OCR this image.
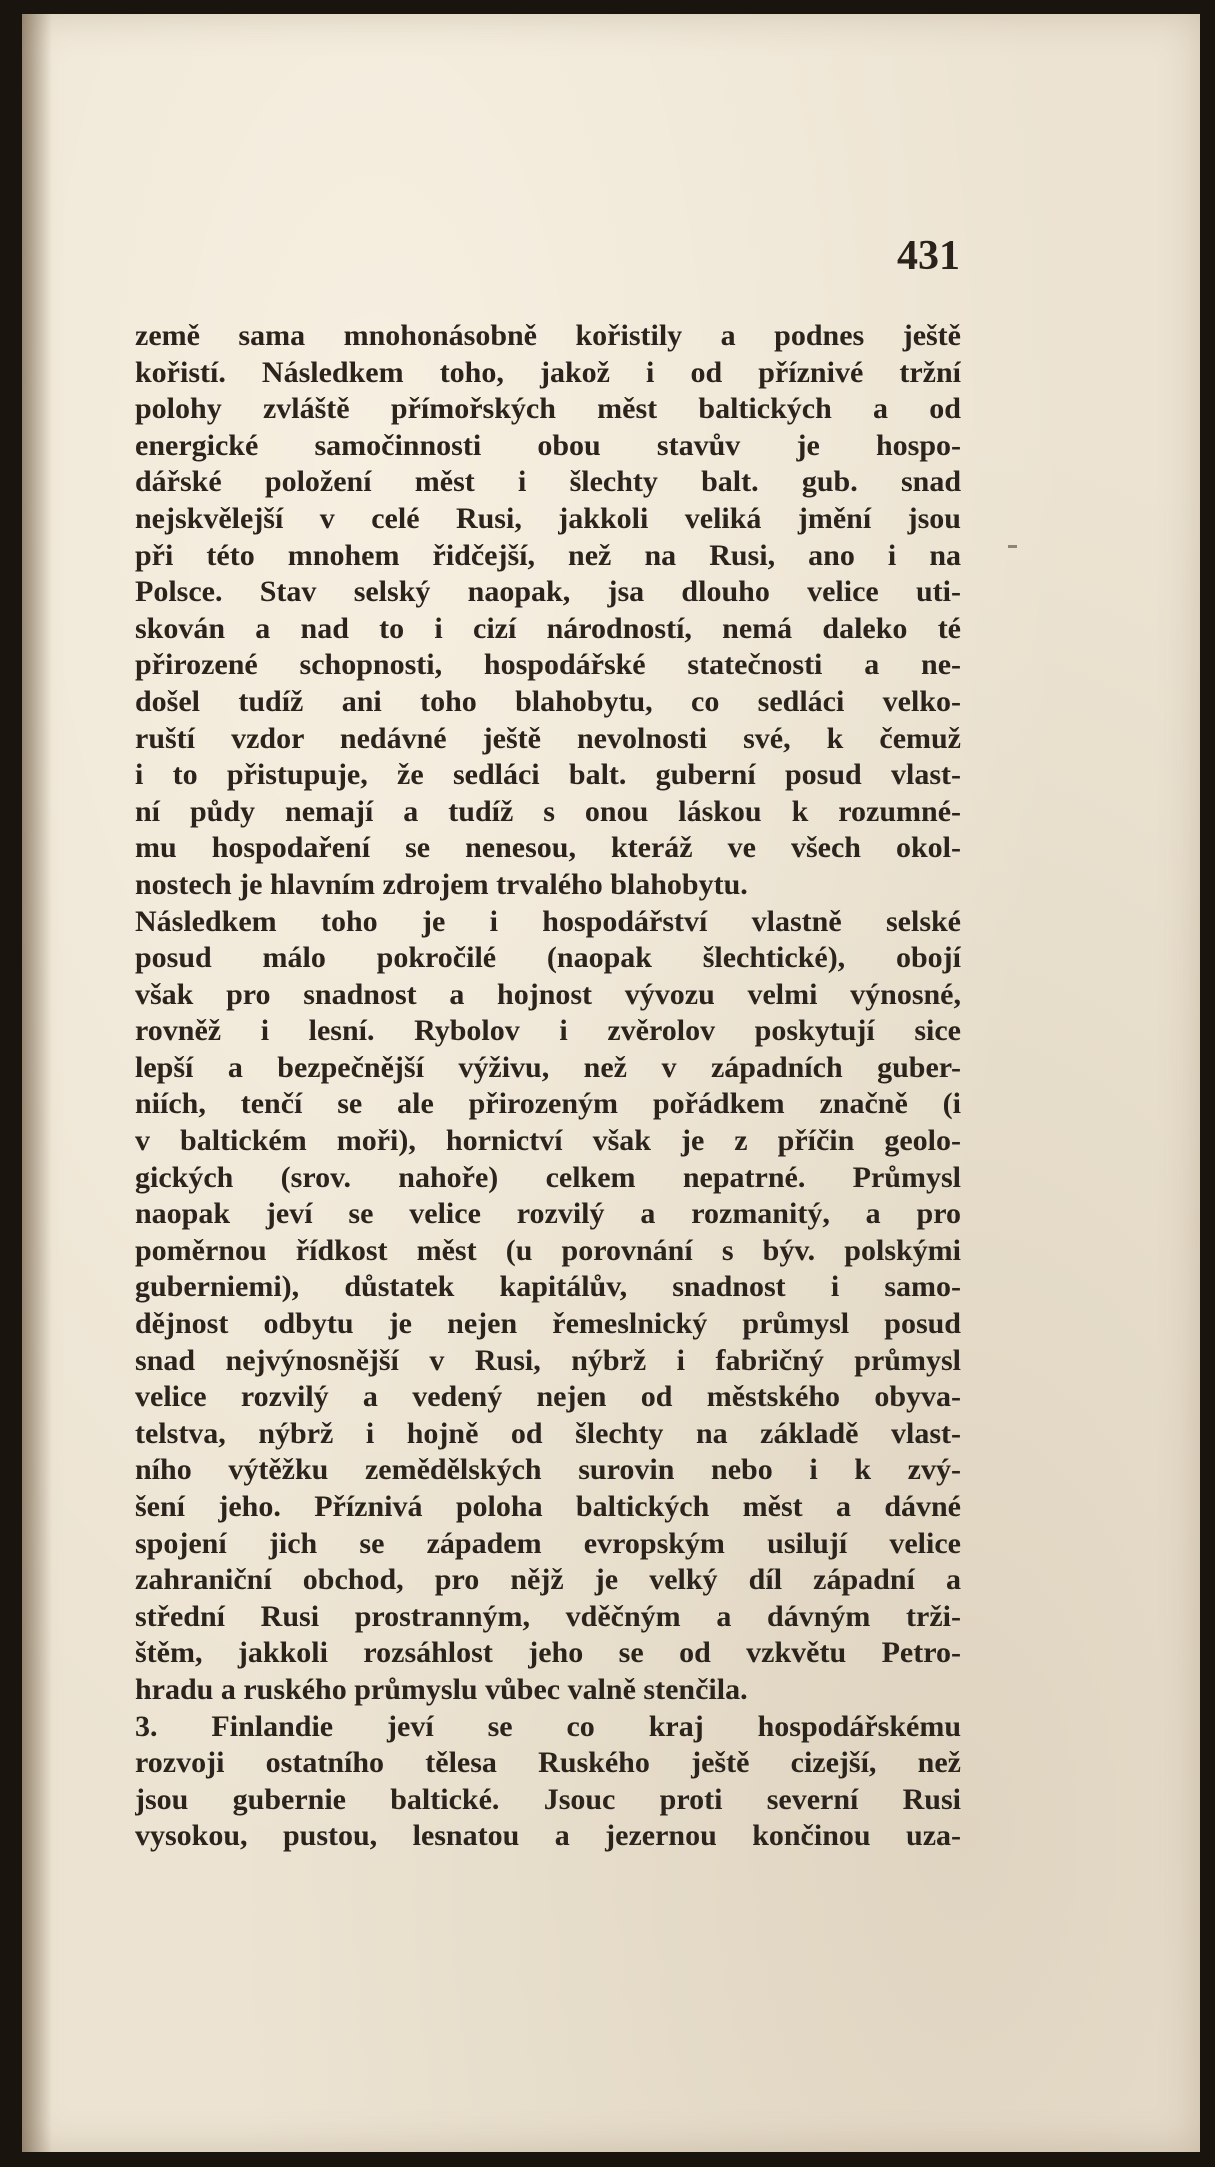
431
země sama mnohonásobně kořistily a podnes ještě
kořistí. Následkem toho, jakož i od příznivé tržní
polohy zvláště přímořských měst baltických a od
energické samočinnosti obou stavův je hospo-
dářské položení měst i šlechty balt. gub. snad
nejskvělejší v celé Rusi, jakkoli veliká jmění jsou
při této mnohem řidčejší, než na Rusi, ano i na
Polsce. Stav selský naopak, jsa dlouho velice uti-
skován a nad to i cizí národností, nemá daleko té
přirozené schopnosti, hospodářské statečnosti a ne-
došel tudíž ani toho blahobytu, co sedláci velko-
ruští vzdor nedávné ještě nevolnosti své, k čemuž
i to přistupuje, že sedláci balt. guberní posud vlast-
ní půdy nemají a tudíž s onou láskou k rozumné-
mu hospodaření se nenesou, kteráž ve všech okol-
nostech je hlavním zdrojem trvalého blahobytu.
Následkem toho je i hospodářství vlastně selské
posud málo pokročilé (naopak šlechtické), obojí
však pro snadnost a hojnost vývozu velmi výnosné,
rovněž i lesní. Rybolov i zvěrolov poskytují sice
lepší a bezpečnější výživu, než v západních guber-
niích, tenčí se ale přirozeným pořádkem značně (i
v baltickém moři), hornictví však je z příčin geolo-
gických (srov. nahoře) celkem nepatrné. Průmysl
naopak jeví se velice rozvilý a rozmanitý, a pro
poměrnou řídkost měst (u porovnání s býv. polskými
guberniemi), důstatek kapitálův, snadnost i samo-
dějnost odbytu je nejen řemeslnický průmysl posud
snad nejvýnosnější v Rusi, nýbrž i fabričný průmysl
velice rozvilý a vedený nejen od městského obyva-
telstva, nýbrž i hojně od šlechty na základě vlast-
ního výtěžku zemědělských surovin nebo i k zvý-
šení jeho. Příznivá poloha baltických měst a dávné
spojení jich se západem evropským usilují velice
zahraniční obchod, pro nějž je velký díl západní a
střední Rusi prostranným, vděčným a dávným trži-
štěm, jakkoli rozsáhlost jeho se od vzkvětu Petro-
hradu a ruského průmyslu vůbec valně stenčila.
3. Finlandie jeví se co kraj hospodářskému
rozvoji ostatního tělesa Ruského ještě cizejší, než
jsou gubernie baltické. Jsouc proti severní Rusi
vysokou, pustou, lesnatou a jezernou končinou uza-
